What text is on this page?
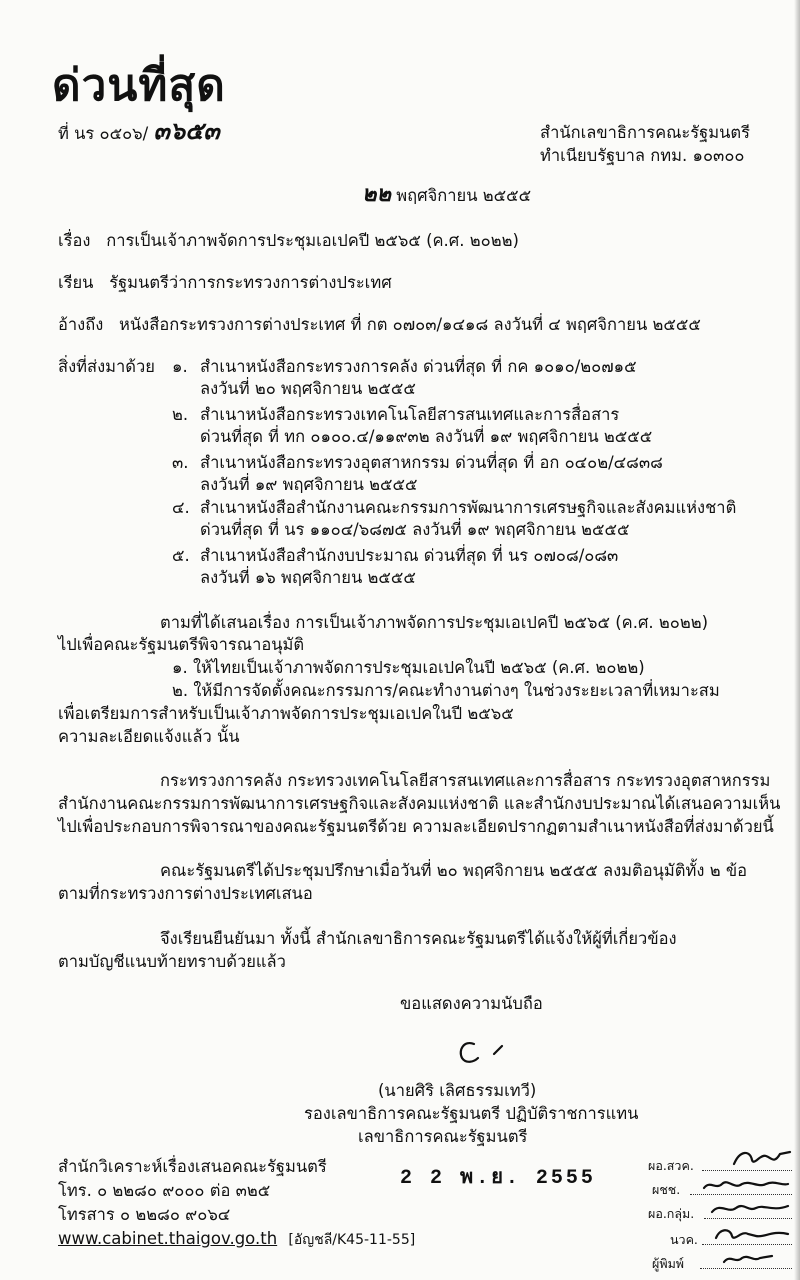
ด่วนที่สุด
ที่ นร ๐๕๐๖/ ๓๖๕๓	สำนักเลขาธิการคณะรัฐมนตรี
ทำเนียบรัฐบาล กทม. ๑๐๓๐๐
๒๒ พฤศจิกายน ๒๕๕๕
เรื่อง การเป็นเจ้าภาพจัดการประชุมเอเปคปี ๒๕๖๕ (ค.ศ. ๒๐๒๒)
เรียน รัฐมนตรีว่าการกระทรวงการต่างประเทศ
อ้างถึง หนังสือกระทรวงการต่างประเทศ ที่ กต ๐๗๐๓/๑๔๑๘ ลงวันที่ ๔ พฤศจิกายน ๒๕๕๕
สิ่งที่ส่งมาด้วย ๑. สำเนาหนังสือกระทรวงการคลัง ด่วนที่สุด ที่ กค ๑๐๑๐/๒๐๗๑๕
ลงวันที่ ๒๐ พฤศจิกายน ๒๕๕๕
๒. สำเนาหนังสือกระทรวงเทคโนโลยีสารสนเทศและการสื่อสาร
ด่วนที่สุด ที่ ทก ๐๑๐๐.๔/๑๑๙๓๒ ลงวันที่ ๑๙ พฤศจิกายน ๒๕๕๕
๓. สำเนาหนังสือกระทรวงอุตสาหกรรม ด่วนที่สุด ที่ อก ๐๔๐๒/๔๘๓๘
ลงวันที่ ๑๙ พฤศจิกายน ๒๕๕๕
๔. สำเนาหนังสือสำนักงานคณะกรรมการพัฒนาการเศรษฐกิจและสังคมแห่งชาติ
ด่วนที่สุด ที่ นร ๑๑๐๔/๖๘๗๕ ลงวันที่ ๑๙ พฤศจิกายน ๒๕๕๕
๕. สำเนาหนังสือสำนักงบประมาณ ด่วนที่สุด ที่ นร ๐๗๐๘/๐๘๓
ลงวันที่ ๑๖ พฤศจิกายน ๒๕๕๕
ตามที่ได้เสนอเรื่อง การเป็นเจ้าภาพจัดการประชุมเอเปคปี ๒๕๖๕ (ค.ศ. ๒๐๒๒)
ไปเพื่อคณะรัฐมนตรีพิจารณาอนุมัติ
๑. ให้ไทยเป็นเจ้าภาพจัดการประชุมเอเปคในปี ๒๕๖๕ (ค.ศ. ๒๐๒๒)
๒. ให้มีการจัดตั้งคณะกรรมการ/คณะทำงานต่างๆ ในช่วงระยะเวลาที่เหมาะสม
เพื่อเตรียมการสำหรับเป็นเจ้าภาพจัดการประชุมเอเปคในปี ๒๕๖๕
ความละเอียดแจ้งแล้ว นั้น
กระทรวงการคลัง กระทรวงเทคโนโลยีสารสนเทศและการสื่อสาร กระทรวงอุตสาหกรรม
สำนักงานคณะกรรมการพัฒนาการเศรษฐกิจและสังคมแห่งชาติ และสำนักงบประมาณได้เสนอความเห็น
ไปเพื่อประกอบการพิจารณาของคณะรัฐมนตรีด้วย ความละเอียดปรากฏตามสำเนาหนังสือที่ส่งมาด้วยนี้
คณะรัฐมนตรีได้ประชุมปรึกษาเมื่อวันที่ ๒๐ พฤศจิกายน ๒๕๕๕ ลงมติอนุมัติทั้ง ๒ ข้อ
ตามที่กระทรวงการต่างประเทศเสนอ
จึงเรียนยืนยันมา ทั้งนี้ สำนักเลขาธิการคณะรัฐมนตรีได้แจ้งให้ผู้ที่เกี่ยวข้อง
ตามบัญชีแนบท้ายทราบด้วยแล้ว
ขอแสดงความนับถือ
(นายศิริ เลิศธรรมเทวี)
รองเลขาธิการคณะรัฐมนตรี ปฏิบัติราชการแทน
เลขาธิการคณะรัฐมนตรี
สำนักวิเคราะห์เรื่องเสนอคณะรัฐมนตรี
โทร. ๐ ๒๒๘๐ ๙๐๐๐ ต่อ ๓๒๕
โทรสาร ๐ ๒๒๘๐ ๙๐๖๔
www.cabinet.thaigov.go.th [อัญชลี/K45-11-55]
2 2 พ.ย. 2555
ผอ.สวค.
ผชช.
ผอ.กลุ่ม.
นวค.
ผู้พิมพ์
